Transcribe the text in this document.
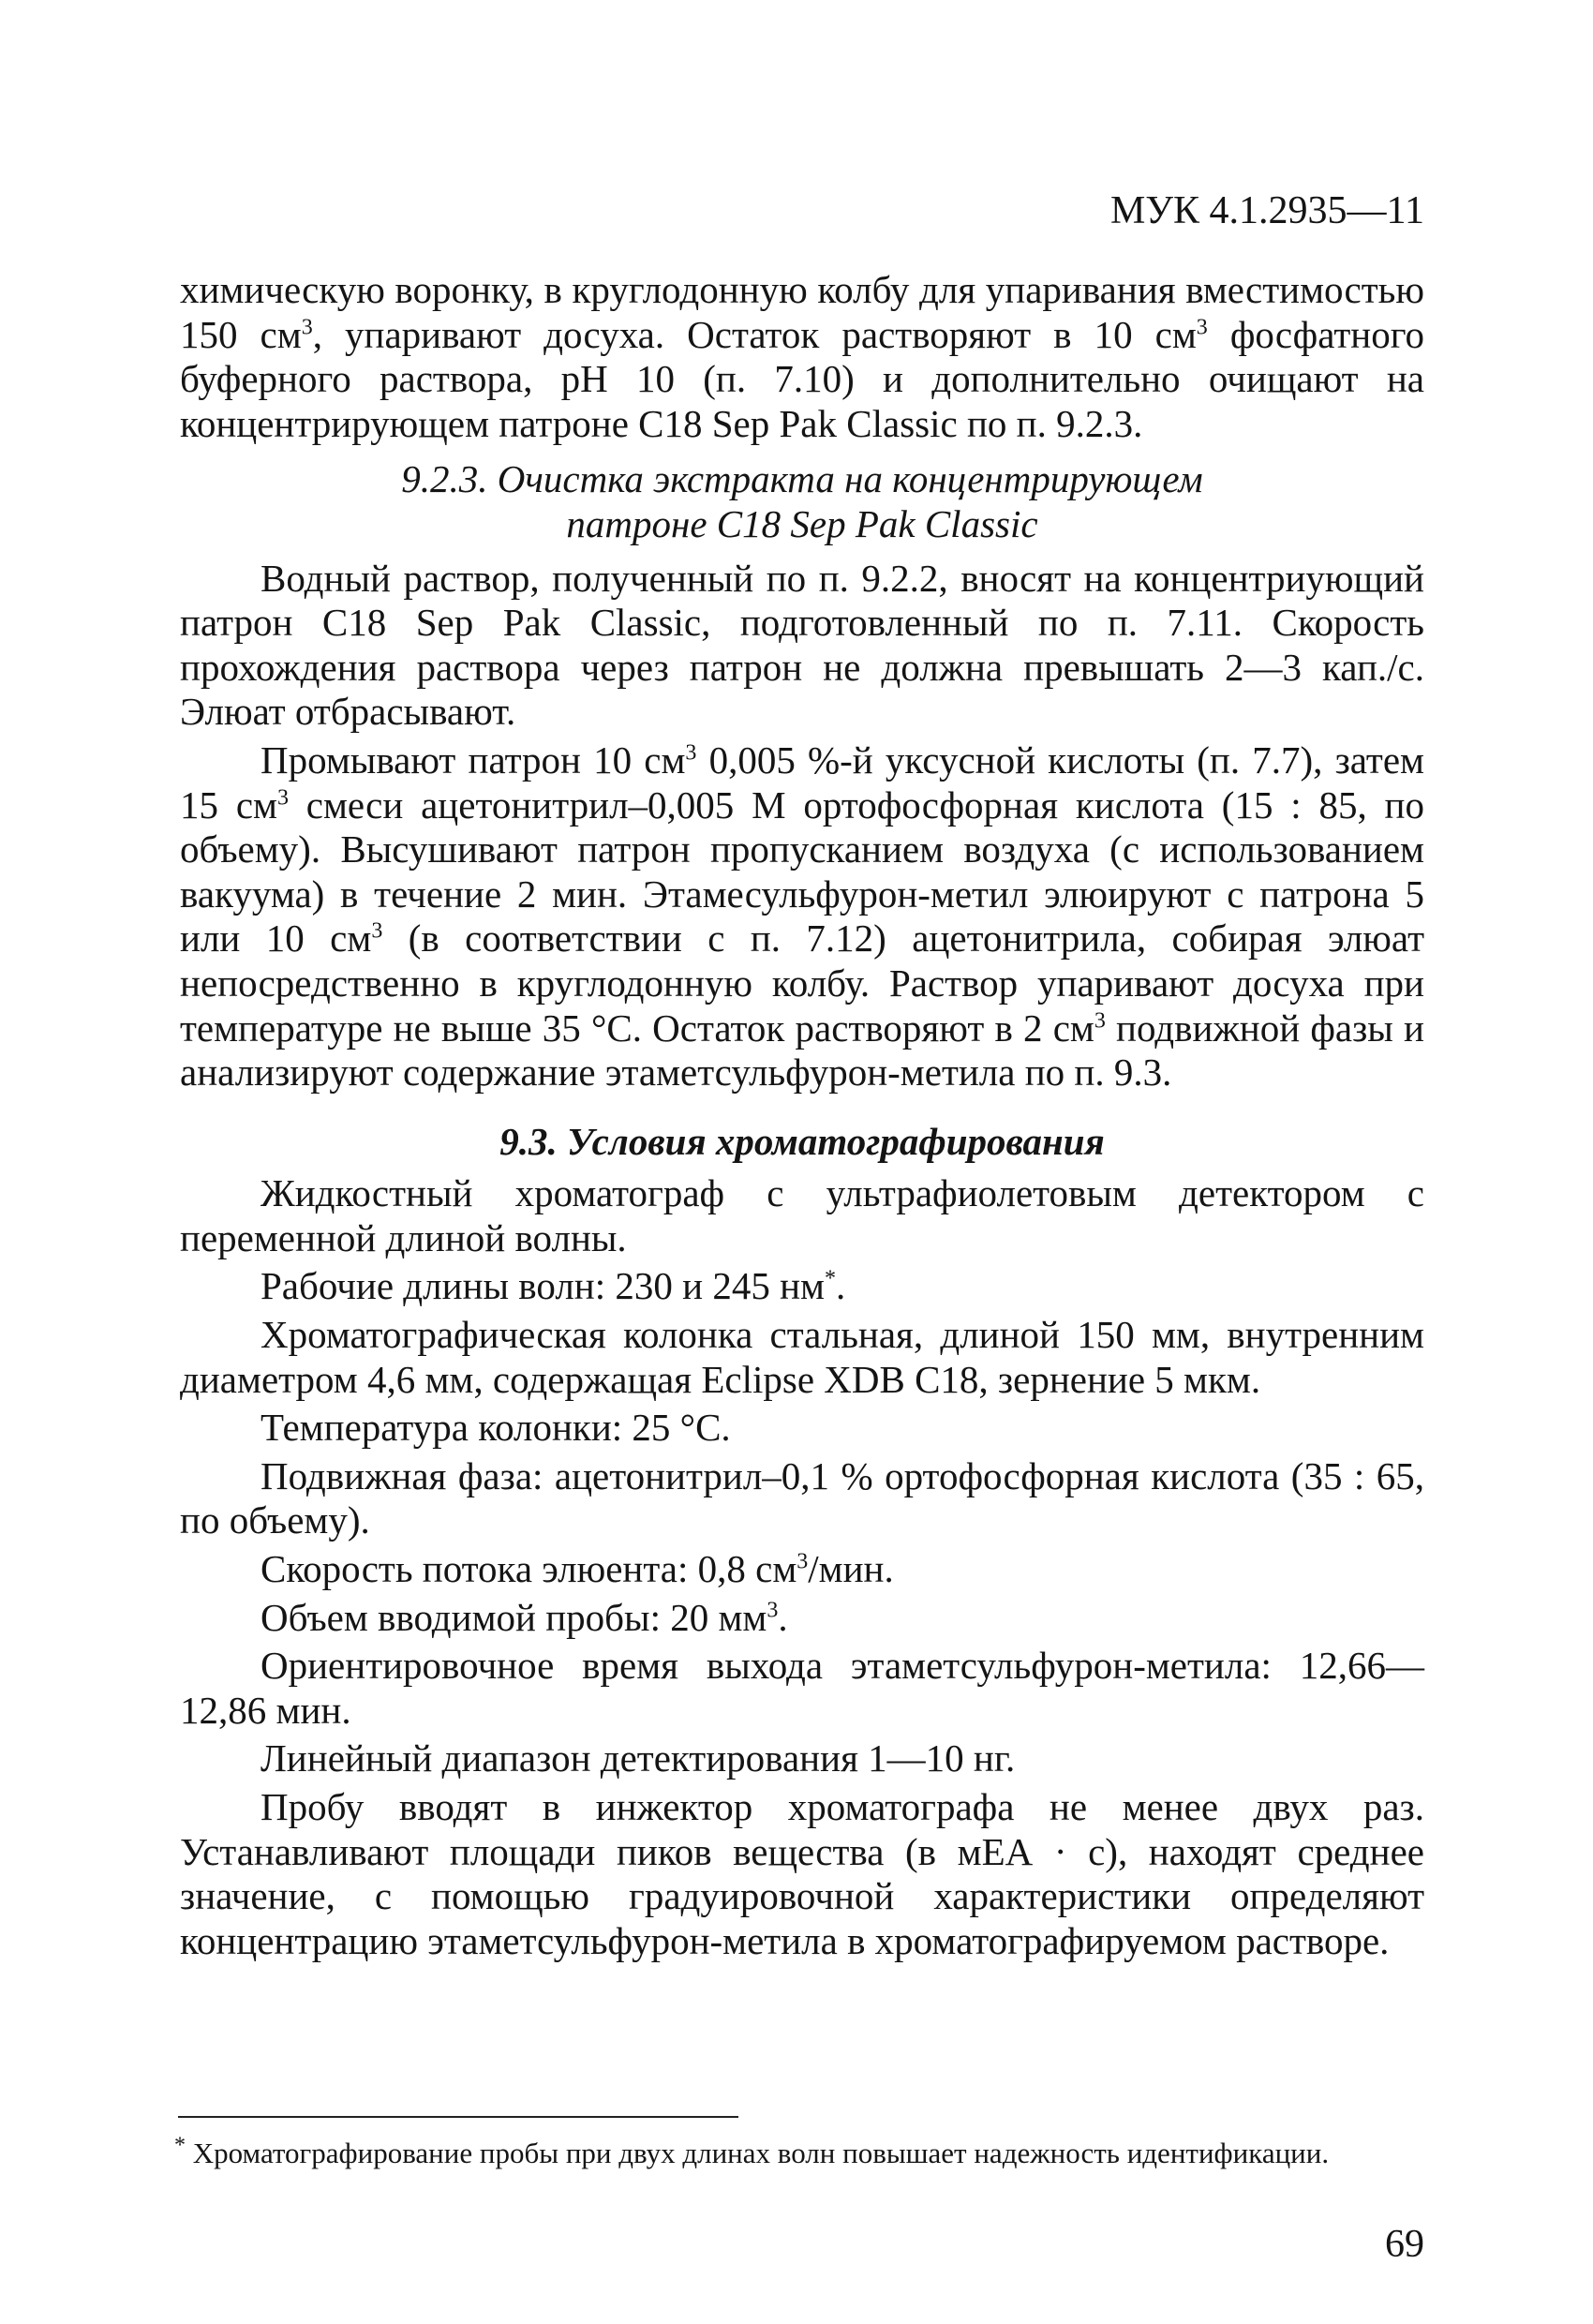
МУК 4.1.2935—11

химическую воронку, в круглодонную колбу для упаривания вместимостью 150 $см^3$, упаривают досуха. Остаток растворяют в 10 $см^3$ фосфатного буферного раствора, pH 10 (п. 7.10) и дополнительно очищают на концентрирующем патроне C18 Sep Pak Classic по п. 9.2.3.

9.2.3. Очистка экстракта на концентрирующем
патроне C18 Sep Pak Classic

Водный раствор, полученный по п. 9.2.2, вносят на концентриующий патрон C18 Sep Pak Classic, подготовленный по п. 7.11. Скорость прохождения раствора через патрон не должна превышать 2—3 кап./с. Элюат отбрасывают.

Промывают патрон 10 $см^3$ 0,005 %-й уксусной кислоты (п. 7.7), затем 15 $см^3$ смеси ацетонитрил–0,005 М ортофосфорная кислота (15 : 85, по объему). Высушивают патрон пропусканием воздуха (с использованием вакуума) в течение 2 мин. Этамесульфурон-метил элюируют с патрона 5 или 10 $см^3$ (в соответствии с п. 7.12) ацетонитрила, собирая элюат непосредственно в круглодонную колбу. Раствор упаривают досуха при температуре не выше 35 °С. Остаток растворяют в 2 $см^3$ подвижной фазы и анализируют содержание этаметсульфурон-метила по п. 9.3.

9.3. Условия хроматографирования

Жидкостный хроматограф с ультрафиолетовым детектором с переменной длиной волны.

Рабочие длины волн: 230 и 245 нм*.

Хроматографическая колонка стальная, длиной 150 мм, внутренним диаметром 4,6 мм, содержащая Eclipse XDB C18, зернение 5 мкм.

Температура колонки: 25 °С.

Подвижная фаза: ацетонитрил–0,1 % ортофосфорная кислота (35 : 65, по объему).

Скорость потока элюента: 0,8 $см^3$/мин.

Объем вводимой пробы: 20 $мм^3$.

Ориентировочное время выхода этаметсульфурон-метила: 12,66—12,86 мин.

Линейный диапазон детектирования 1—10 нг.

Пробу вводят в инжектор хроматографа не менее двух раз. Устанавливают площади пиков вещества (в мЕА · с), находят среднее значение, с помощью градуировочной характеристики определяют концентрацию этаметсульфурон-метила в хроматографируемом растворе.

* Хроматографирование пробы при двух длинах волн повышает надежность идентификации.
69
